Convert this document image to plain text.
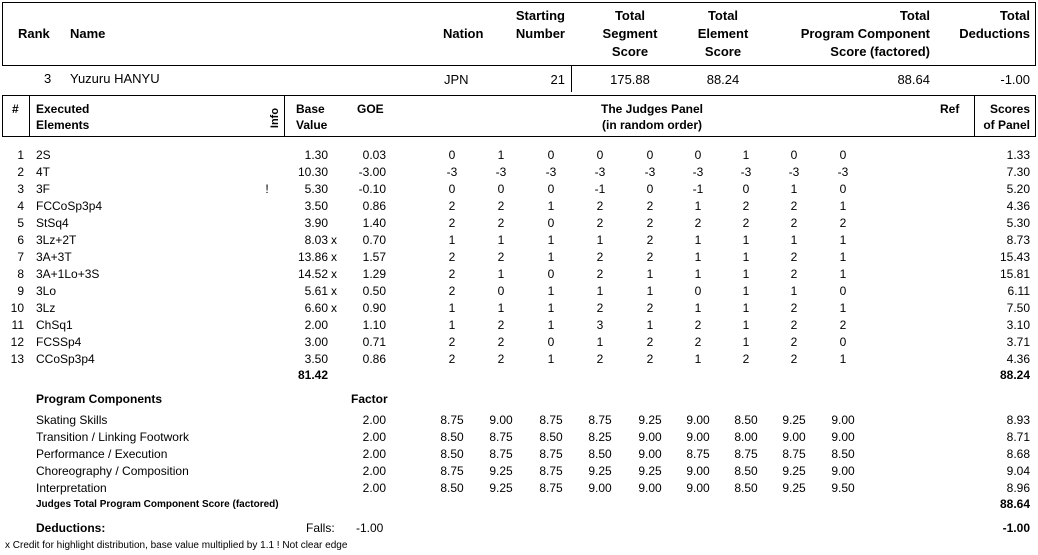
Rank Name	Nation
Starting
Number
Total
Segment
Score
Total
Element
Score
Total
Program Component
Score (factored)
Total
Deductions
3 Yuzuru HANYU	JPN	21	175.88	88.24	88.64	-1.00
# Executed
Elements	Info Base
Value
GOE	The Judges Panel
(in random order)
Ref	Scores
of Panel
1 2S	1.30	0.03	0	1	0	0	0	0	1	0	0	1.33
2 4T	10.30	-3.00	-3	-3	-3	-3	-3	-3	-3	-3	-3	7.30
3 3F	!	5.30	-0.10	0	0	0	-1	0	-1	0	1	0	5.20
4 FCCoSp3p4	3.50	0.86	2	2	1	2	2	1	2	2	1	4.36
5 StSq4	3.90	1.40	2	2	0	2	2	2	2	2	2	5.30
6 3Lz+2T	8.03 x	0.70	1	1	1	1	2	1	1	1	1	8.73
7 3A+3T	13.86 x	1.57	2	2	1	2	2	1	1	2	1	15.43
8 3A+1Lo+3S	14.52 x	1.29	2	1	0	2	1	1	1	2	1	15.81
9 3Lo	5.61 x	0.50	2	0	1	1	1	0	1	1	0	6.11
10 3Lz	6.60 x	0.90	1	1	1	2	2	1	1	2	1	7.50
11 ChSq1	2.00	1.10	1	2	1	3	1	2	1	2	2	3.10
12 FCSSp4	3.00	0.71	2	2	0	1	2	2	1	2	0	3.71
13 CCoSp3p4	3.50	0.86	2	2	1	2	2	1	2	2	1	4.36
81.42	88.24
Program Components	Factor
Skating Skills	2.00	8.75	9.00	8.75	8.75	9.25	9.00	8.50	9.25	9.00	8.93
Transition / Linking Footwork	2.00	8.50	8.75	8.50	8.25	9.00	9.00	8.00	9.00	9.00	8.71
Performance / Execution	2.00	8.50	8.75	8.75	8.50	9.00	8.75	8.75	8.75	8.50	8.68
Choreography / Composition	2.00	8.75	9.25	8.75	9.25	9.25	9.00	8.50	9.25	9.00	9.04
Interpretation	2.00	8.50	9.25	8.75	9.00	9.00	9.00	8.50	9.25	9.50	8.96
Judges Total Program Component Score (factored)	88.64
Deductions:	Falls: -1.00	-1.00
x Credit for highlight distribution, base value multiplied by 1.1 ! Not clear edge
